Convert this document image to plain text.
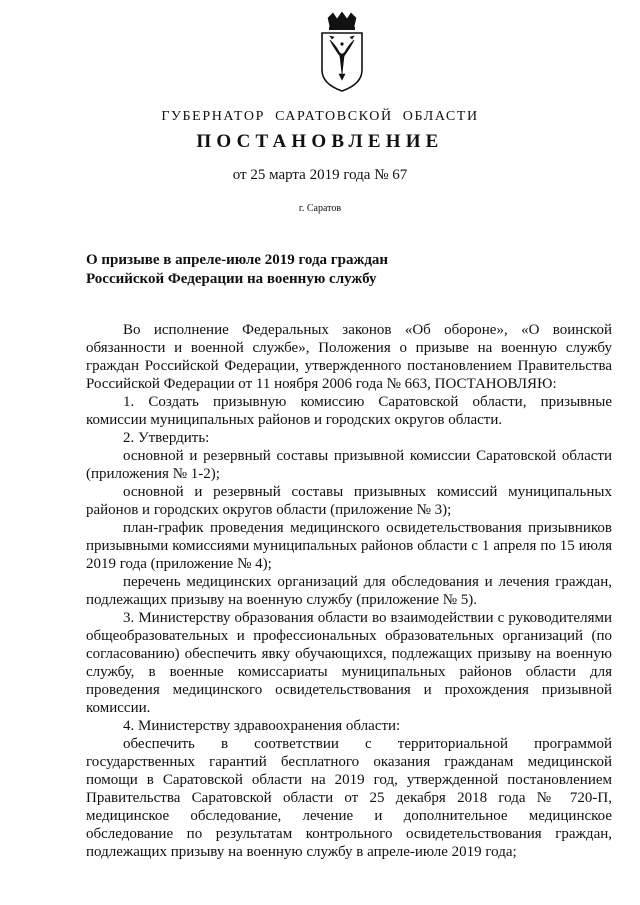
ГУБЕРНАТОР САРАТОВСКОЙ ОБЛАСТИ
ПОСТАНОВЛЕНИЕ
от 25 марта 2019 года № 67
г. Саратов
О призыве в апреле-июле 2019 года граждан
Российской Федерации на военную службу

Во исполнение Федеральных законов «Об обороне», «О воинской обязанности и военной службе», Положения о призыве на военную службу граждан Российской Федерации, утвержденного постановлением Правительства Российской Федерации от 11 ноября 2006 года № 663, ПОСТАНОВЛЯЮ:

1. Создать призывную комиссию Саратовской области, призывные комиссии муниципальных районов и городских округов области.

2. Утвердить:

основной и резервный составы призывной комиссии Саратовской области (приложения № 1-2);

основной и резервный составы призывных комиссий муниципальных районов и городских округов области (приложение № 3);

план-график проведения медицинского освидетельствования призывников призывными комиссиями муниципальных районов области с 1 апреля по 15 июля 2019 года (приложение № 4);

перечень медицинских организаций для обследования и лечения граждан, подлежащих призыву на военную службу (приложение № 5).

3. Министерству образования области во взаимодействии с руководителями общеобразовательных и профессиональных образовательных организаций (по согласованию) обеспечить явку обучающихся, подлежащих призыву на военную службу, в военные комиссариаты муниципальных районов области для проведения медицинского освидетельствования и прохождения призывной комиссии.

4. Министерству здравоохранения области:

обеспечить в соответствии с территориальной программой государственных гарантий бесплатного оказания гражданам медицинской помощи в Саратовской области на 2019 год, утвержденной постановлением Правительства Саратовской области от 25 декабря 2018 года № 720-П, медицинское обследование, лечение и дополнительное медицинское обследование по результатам контрольного освидетельствования граждан, подлежащих призыву на военную службу в апреле-июле 2019 года;
